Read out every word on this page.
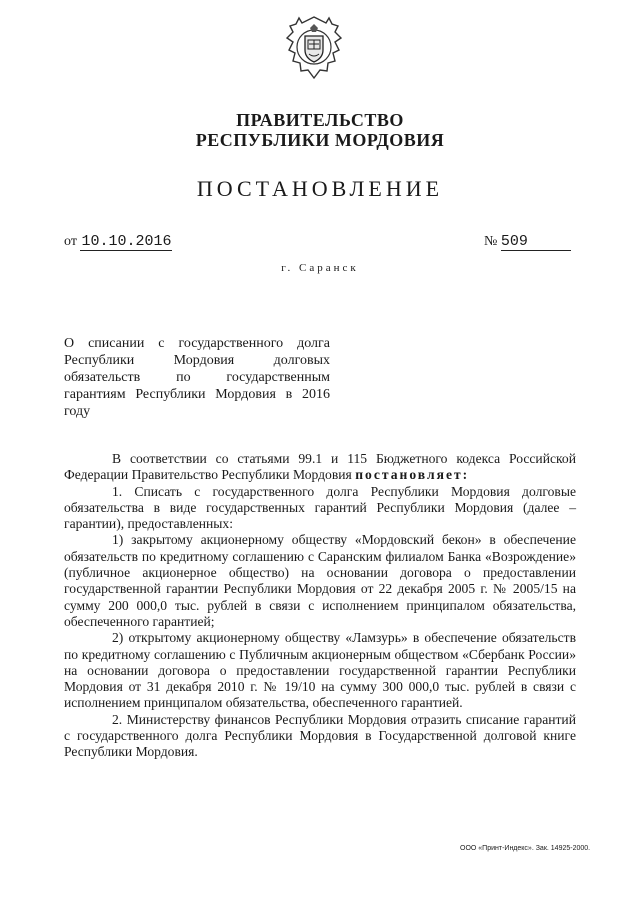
ПРАВИТЕЛЬСТВО
РЕСПУБЛИКИ МОРДОВИЯ
ПОСТАНОВЛЕНИЕ
от 10.10.2016	№ 509
г. Саранск
О списании с государственного долга Республики Мордовия долговых обязательств по государственным гарантиям Республики Мордовия в 2016 году

В соответствии со статьями 99.1 и 115 Бюджетного кодекса Российской Федерации Правительство Республики Мордовия постановляет:

1. Списать с государственного долга Республики Мордовия долговые обязательства в виде государственных гарантий Республики Мордовия (далее – гарантии), предоставленных:

1) закрытому акционерному обществу «Мордовский бекон» в обеспечение обязательств по кредитному соглашению с Саранским филиалом Банка «Возрождение» (публичное акционерное общество) на основании договора о предоставлении государственной гарантии Республики Мордовия от 22 декабря 2005 г. № 2005/15 на сумму 200 000,0 тыс. рублей в связи с исполнением принципалом обязательства, обеспеченного гарантией;

2) открытому акционерному обществу «Ламзурь» в обеспечение обязательств по кредитному соглашению с Публичным акционерным обществом «Сбербанк России» на основании договора о предоставлении государственной гарантии Республики Мордовия от 31 декабря 2010 г. № 19/10 на сумму 300 000,0 тыс. рублей в связи с исполнением принципалом обязательства, обеспеченного гарантией.

2. Министерству финансов Республики Мордовия отразить списание гарантий с государственного долга Республики Мордовия в Государственной долговой книге Республики Мордовия.

ООО «Принт-Индекс». Зак. 14925-2000.
